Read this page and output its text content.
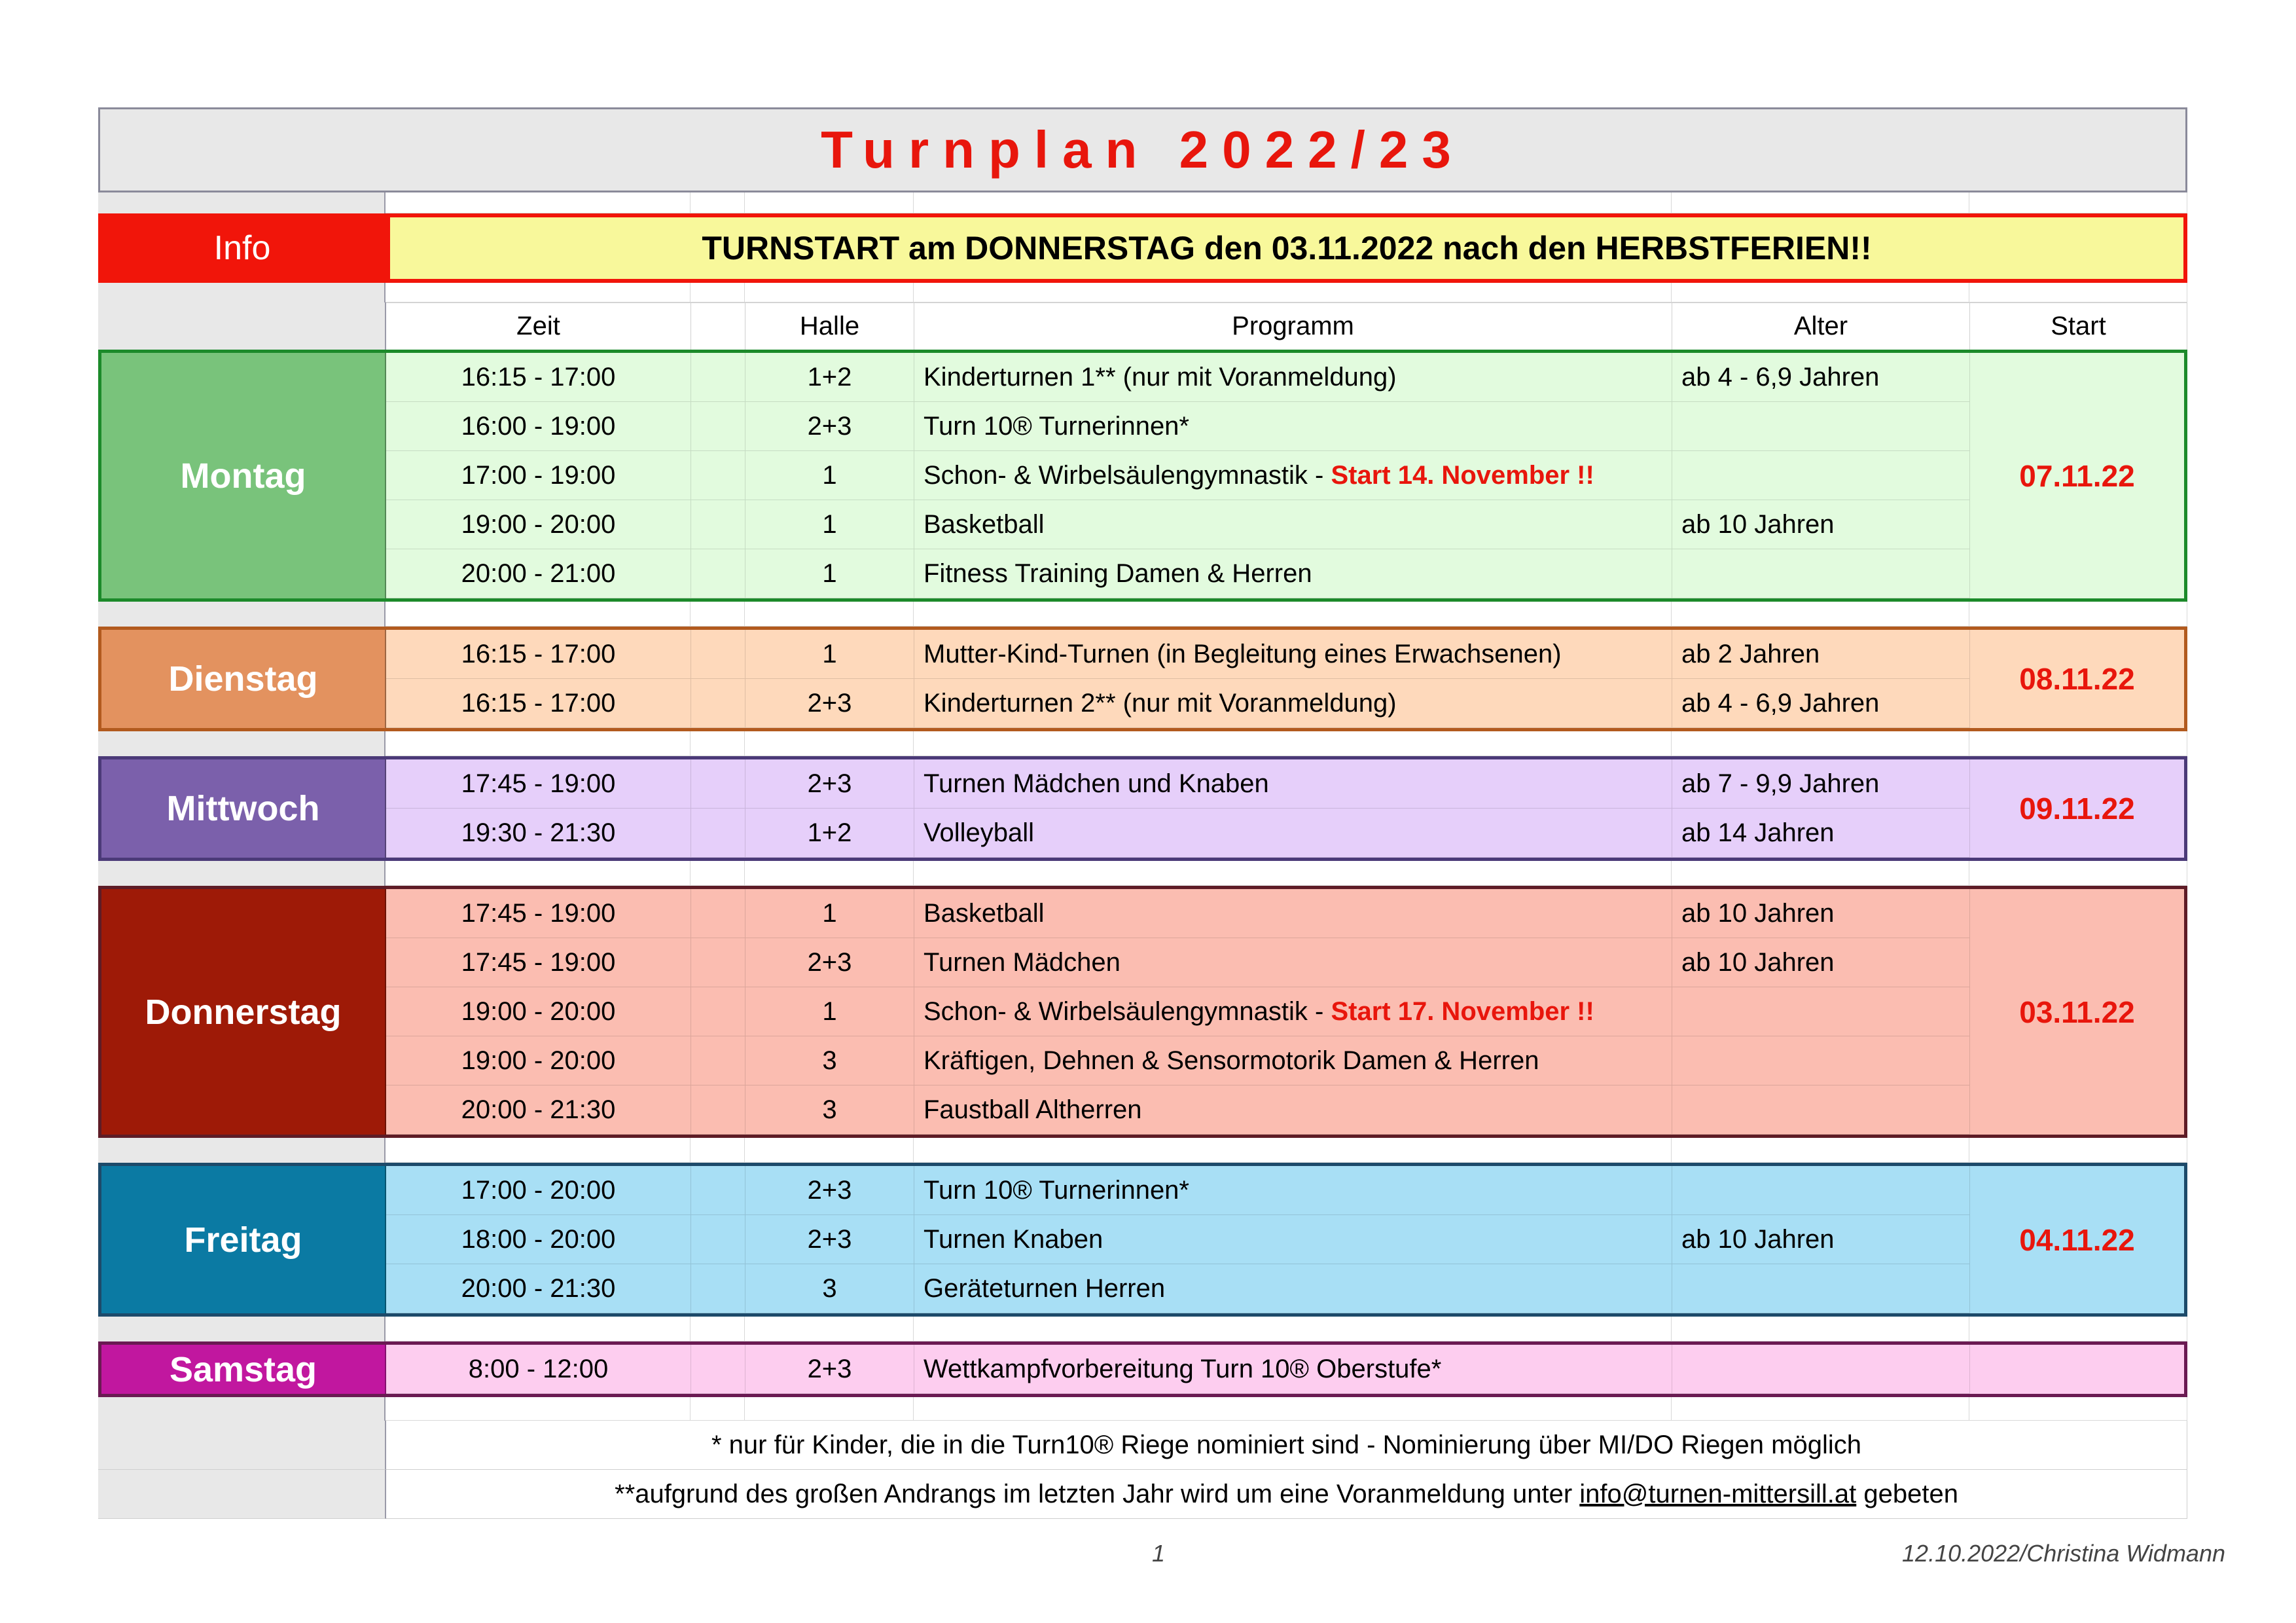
Turnplan 2022/23
Info	TURNSTART am DONNERSTAG den 03.11.2022 nach den HERBSTFERIEN!!
Zeit	Halle	Programm	Alter	Start
Montag
16:15 - 17:00	1+2	Kinderturnen 1** (nur mit Voranmeldung)	ab 4 - 6,9 Jahren
16:00 - 19:00	2+3	Turn 10® Turnerinnen*
17:00 - 19:00	1	Schon- & Wirbelsäulengymnastik - Start 14. November !!
19:00 - 20:00	1	Basketball	ab 10 Jahren
20:00 - 21:00	1	Fitness Training Damen & Herren
07.11.22
Dienstag
16:15 - 17:00	1	Mutter-Kind-Turnen (in Begleitung eines Erwachsenen)	ab 2 Jahren
16:15 - 17:00	2+3	Kinderturnen 2** (nur mit Voranmeldung)	ab 4 - 6,9 Jahren
08.11.22
Mittwoch
17:45 - 19:00	2+3	Turnen Mädchen und Knaben	ab 7 - 9,9 Jahren
19:30 - 21:30	1+2	Volleyball	ab 14 Jahren
09.11.22
Donnerstag
17:45 - 19:00	1	Basketball	ab 10 Jahren
17:45 - 19:00	2+3	Turnen Mädchen	ab 10 Jahren
19:00 - 20:00	1	Schon- & Wirbelsäulengymnastik - Start 17. November !!
19:00 - 20:00	3	Kräftigen, Dehnen & Sensormotorik Damen & Herren
20:00 - 21:30	3	Faustball Altherren
03.11.22
Freitag
17:00 - 20:00	2+3	Turn 10® Turnerinnen*
18:00 - 20:00	2+3	Turnen Knaben	ab 10 Jahren
20:00 - 21:30	3	Geräteturnen Herren
04.11.22
Samstag	8:00 - 12:00	2+3	Wettkampfvorbereitung Turn 10® Oberstufe*
* nur für Kinder, die in die Turn10® Riege nominiert sind - Nominierung über MI/DO Riegen möglich
**aufgrund des großen Andrangs im letzten Jahr wird um eine Voranmeldung unter info@turnen-mittersill.at gebeten
1	12.10.2022/Christina Widmann
